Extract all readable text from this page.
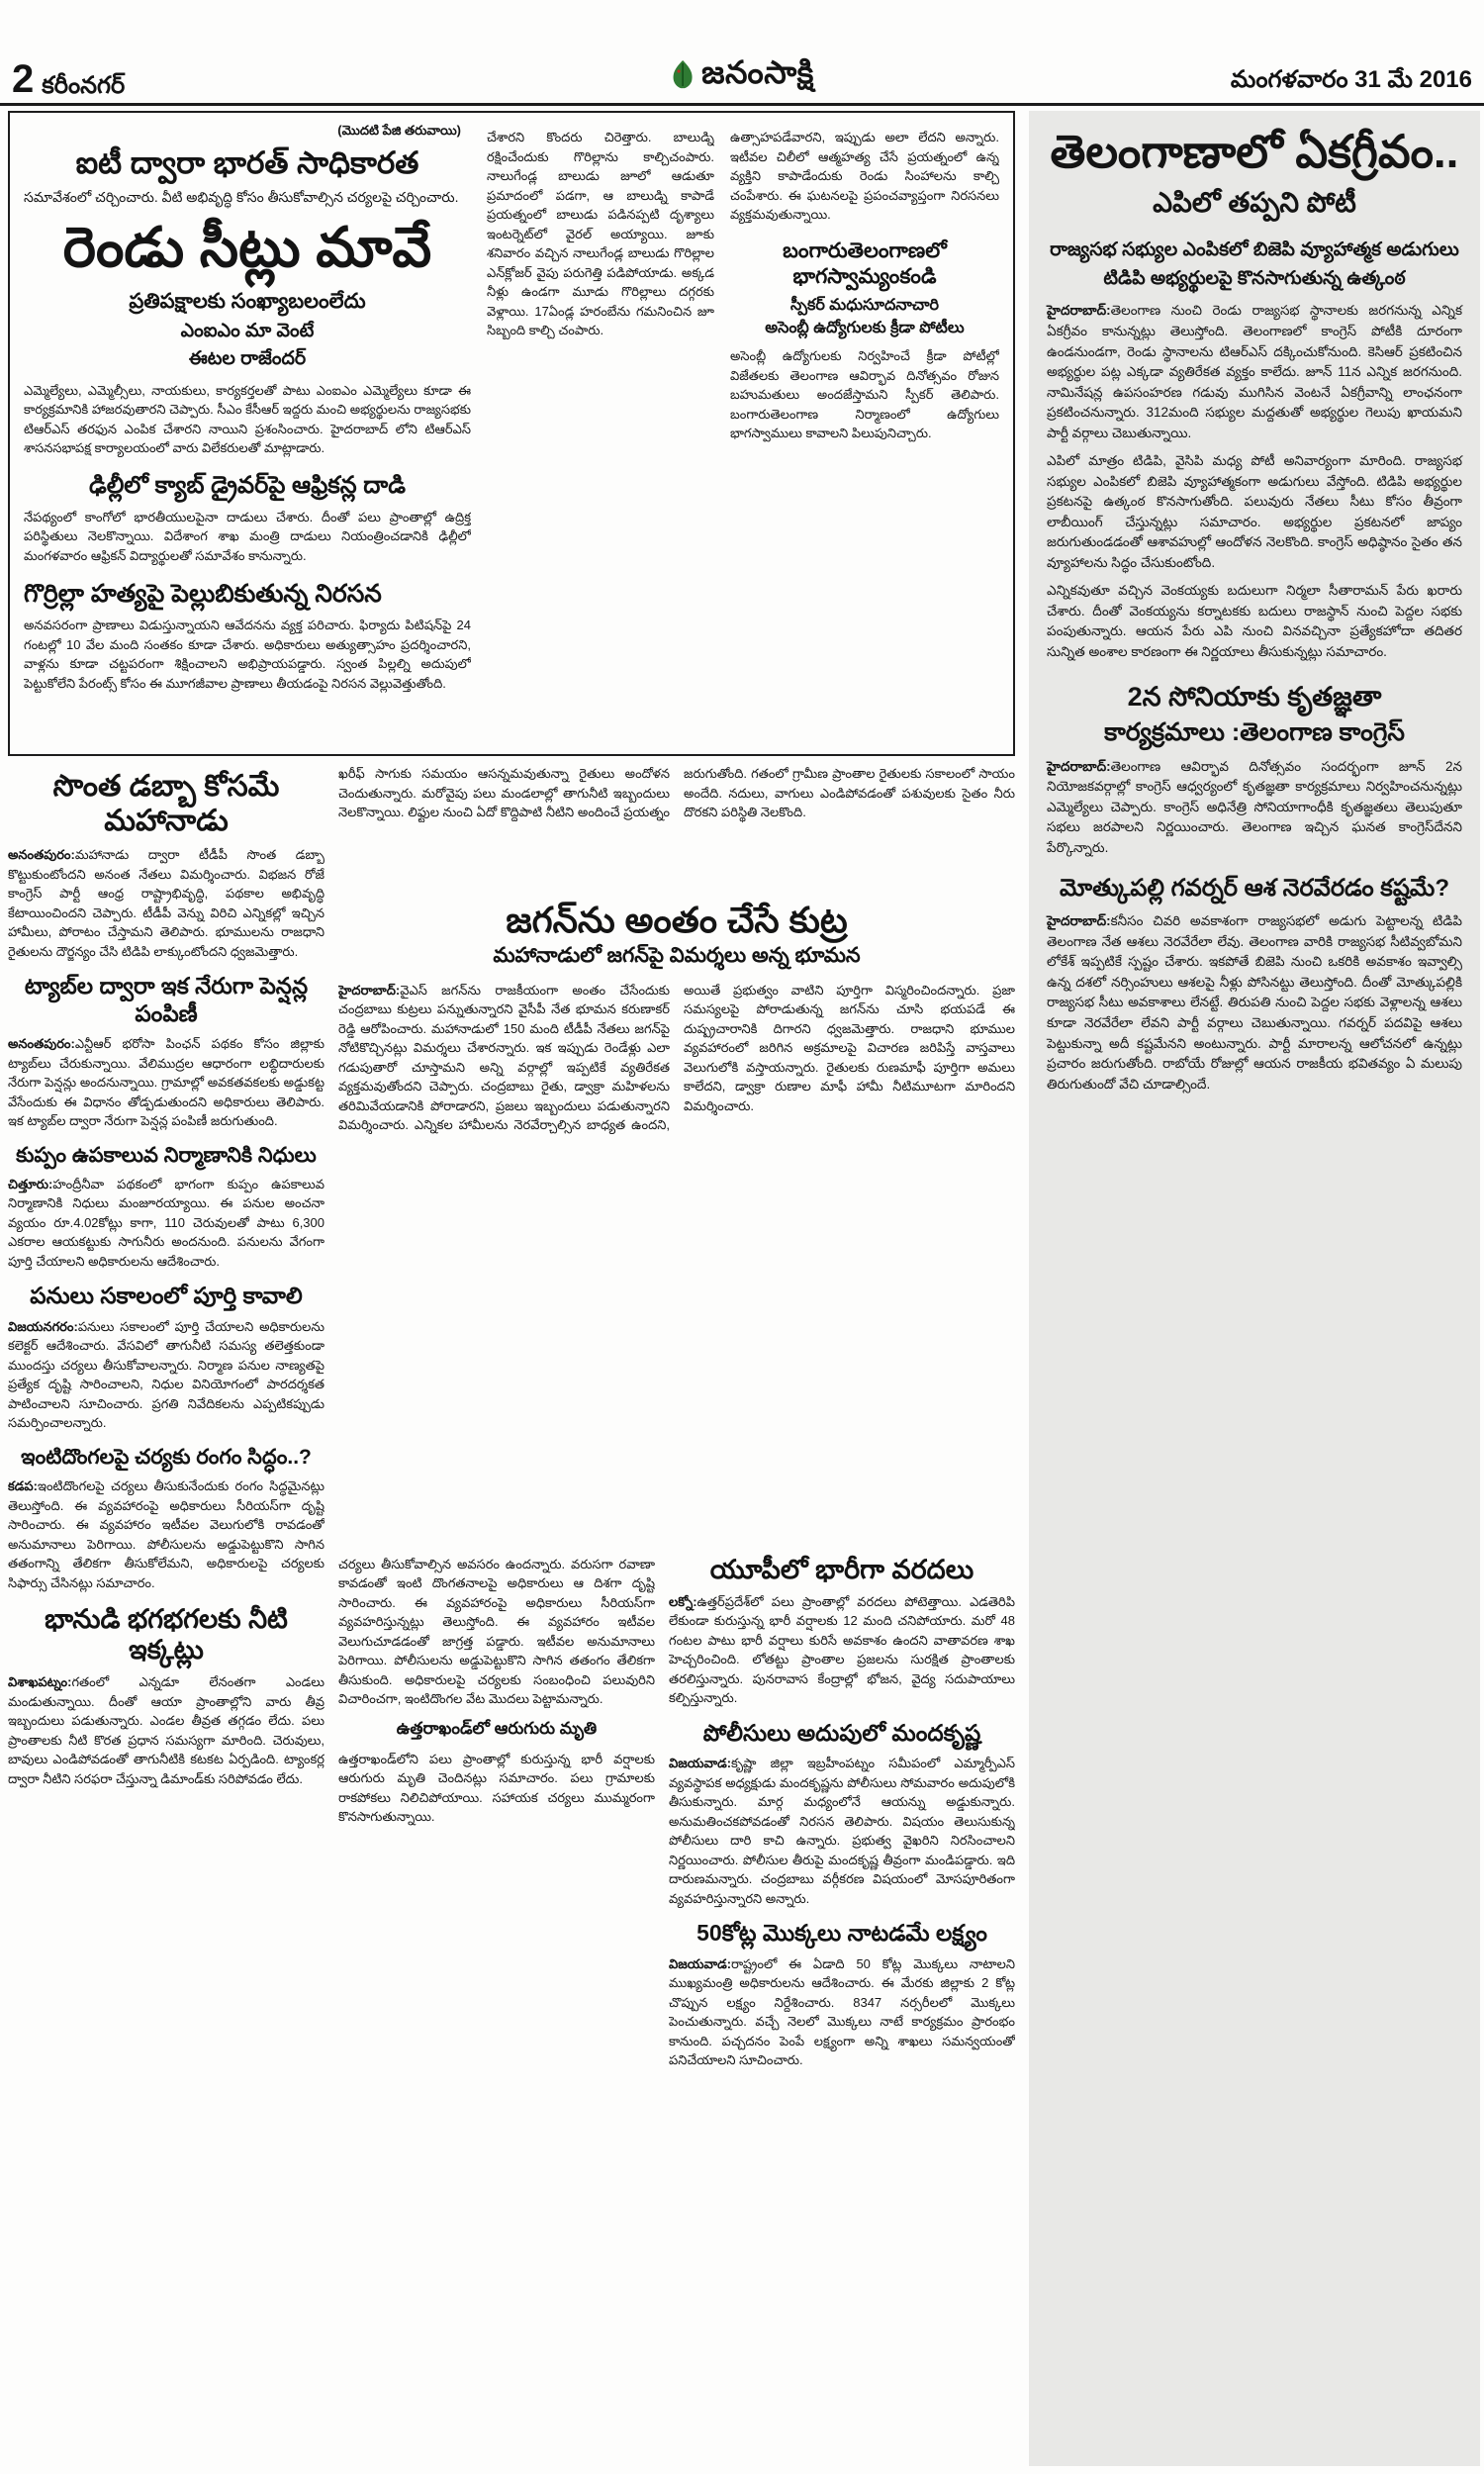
2 కరీంనగర్	జనంసాక్షి	మంగళవారం 31 మే 2016
(మొదటి పేజి తరువాయి)
ఐటీ ద్వారా భారత్ సాధికారత

సమావేశంలో చర్చించారు. వీటి అభివృద్ధి కోసం తీసుకోవాల్సిన చర్యలపై చర్చించారు.

రెండు సీట్లు మావే
ప్రతిపక్షాలకు సంఖ్యాబలంలేదు
ఎంఐఎం మా వెంటే
ఈటల రాజేందర్

ఎమ్మెల్యేలు, ఎమ్మెల్సీలు, నాయకులు, కార్యకర్తలతో పాటు ఎంఐఎం ఎమ్మెల్యేలు కూడా ఈ కార్యక్రమానికి హాజరవుతారని చెప్పారు. సీఎం కేసీఆర్ ఇద్దరు మంచి అభ్యర్థులను రాజ్యసభకు టిఆర్ఎస్ తరఫున ఎంపిక చేశారని నాయిని ప్రశంసించారు. హైదరాబాద్ లోని టిఆర్ఎస్ శాసనసభాపక్ష కార్యాలయంలో వారు విలేకరులతో మాట్లాడారు.

ఢిల్లీలో క్యాబ్ డ్రైవర్‌పై ఆఫ్రికన్ల దాడి

నేపథ్యంలో కాంగోలో భారతీయులపైనా దాడులు చేశారు. దీంతో పలు ప్రాంతాల్లో ఉద్రిక్త పరిస్థితులు నెలకొన్నాయి. విదేశాంగ శాఖ మంత్రి దాడులు నియంత్రించడానికి ఢిల్లీలో మంగళవారం ఆఫ్రికన్ విద్యార్థులతో సమావేశం కానున్నారు.

గొర్రిల్లా హత్యపై పెల్లుబికుతున్న నిరసన

అనవసరంగా ప్రాణాలు విడుస్తున్నాయని ఆవేదనను వ్యక్త పరిచారు. ఫిర్యాదు పిటిషన్‌పై 24 గంటల్లో 10 వేల మంది సంతకం కూడా చేశారు. అధికారులు అత్యుత్సాహం ప్రదర్శించారని, వాళ్లను కూడా చట్టపరంగా శిక్షించాలని అభిప్రాయపడ్డారు. స్వంత పిల్లల్ని అదుపులో పెట్టుకోలేని పేరంట్స్ కోసం ఈ మూగజీవాల ప్రాణాలు తీయడంపై నిరసన వెల్లువెత్తుతోంది.

చేశారని కొందరు చిరెత్తారు. బాలుడ్ని రక్షించేందుకు గొరిల్లాను కాల్చిచంపారు. నాలుగేండ్ల బాలుడు జూలో ఆడుతూ ప్రమాదంలో పడగా, ఆ బాలుడ్ని కాపాడే ప్రయత్నంలో బాలుడు పడినప్పటి దృశ్యాలు ఇంటర్నెట్‌లో వైరల్ అయ్యాయి. జూకు శనివారం వచ్చిన నాలుగేండ్ల బాలుడు గొరిల్లాల ఎన్‌క్లోజర్ వైపు పరుగెత్తి పడిపోయాడు. అక్కడ నీళ్లు ఉండగా మూడు గొరిల్లాలు దగ్గరకు వెళ్లాయి. 17ఏండ్ల హరంబేను గమనించిన జూ సిబ్బంది కాల్చి చంపారు.

ఉత్సాహపడేవారని, ఇప్పుడు అలా లేదని అన్నారు. ఇటీవల చిలీలో ఆత్మహత్య చేసే ప్రయత్నంలో ఉన్న వ్యక్తిని కాపాడేందుకు రెండు సింహాలను కాల్చి చంపేశారు. ఈ ఘటనలపై ప్రపంచవ్యాప్తంగా నిరసనలు వ్యక్తమవుతున్నాయి.

బంగారుతెలంగాణలో భాగస్వామ్యంకండి
స్పీకర్ మధుసూదనాచారి
అసెంబ్లీ ఉద్యోగులకు క్రీడా పోటీలు

అసెంబ్లీ ఉద్యోగులకు నిర్వహించే క్రీడా పోటీల్లో విజేతలకు తెలంగాణ ఆవిర్భావ దినోత్సవం రోజున బహుమతులు అందజేస్తామని స్పీకర్ తెలిపారు. బంగారుతెలంగాణ నిర్మాణంలో ఉద్యోగులు భాగస్వాములు కావాలని పిలుపునిచ్చారు.

సొంత డబ్బా కోసమే మహానాడు

అనంతపురం:మహానాడు ద్వారా టీడీపీ సొంత డబ్బా కొట్టుకుంటోందని అనంత నేతలు విమర్శించారు. విభజన రోజే కాంగ్రెస్ పార్టీ ఆంధ్ర రాష్ట్రాభివృద్ధి, పథకాల అభివృద్ధి కేటాయించిందని చెప్పారు. టీడీపీ వెన్ను విరిచి ఎన్నికల్లో ఇచ్చిన హామీలు, పోరాటం చేస్తామని తెలిపారు. భూములను రాజధాని రైతులను దౌర్జన్యం చేసి టిడిపి లాక్కుంటోందని ధ్వజమెత్తారు.

ట్యాబ్‌ల ద్వారా ఇక నేరుగా పెన్షన్ల పంపిణీ

అనంతపురం:ఎన్టీఆర్ భరోసా పింఛన్ పథకం కోసం జిల్లాకు ట్యాబ్‌లు చేరుకున్నాయి. వేలిముద్రల ఆధారంగా లబ్ధిదారులకు నేరుగా పెన్షన్లు అందనున్నాయి. గ్రామాల్లో అవకతవకలకు అడ్డుకట్ట వేసేందుకు ఈ విధానం తోడ్పడుతుందని అధికారులు తెలిపారు. ఇక ట్యాబ్‌ల ద్వారా నేరుగా పెన్షన్ల పంపిణీ జరుగుతుంది.

కుప్పం ఉపకాలువ నిర్మాణానికి నిధులు

చిత్తూరు:హంద్రీనీవా పథకంలో భాగంగా కుప్పం ఉపకాలువ నిర్మాణానికి నిధులు మంజూరయ్యాయి. ఈ పనుల అంచనా వ్యయం రూ.4.02కోట్లు కాగా, 110 చెరువులతో పాటు 6,300 ఎకరాల ఆయకట్టుకు సాగునీరు అందనుంది. పనులను వేగంగా పూర్తి చేయాలని అధికారులను ఆదేశించారు.

పనులు సకాలంలో పూర్తి కావాలి

విజయనగరం:పనులు సకాలంలో పూర్తి చేయాలని అధికారులను కలెక్టర్ ఆదేశించారు. వేసవిలో తాగునీటి సమస్య తలెత్తకుండా ముందస్తు చర్యలు తీసుకోవాలన్నారు. నిర్మాణ పనుల నాణ్యతపై ప్రత్యేక దృష్టి సారించాలని, నిధుల వినియోగంలో పారదర్శకత పాటించాలని సూచించారు. ప్రగతి నివేదికలను ఎప్పటికప్పుడు సమర్పించాలన్నారు.

ఇంటిదొంగలపై చర్యకు రంగం సిద్ధం..?

కడప:ఇంటిదొంగలపై చర్యలు తీసుకునేందుకు రంగం సిద్ధమైనట్లు తెలుస్తోంది. ఈ వ్యవహారంపై అధికారులు సీరియస్‌గా దృష్టి సారించారు. ఈ వ్యవహారం ఇటీవల వెలుగులోకి రావడంతో అనుమానాలు పెరిగాయి. పోలీసులను అడ్డుపెట్టుకొని సాగిన తతంగాన్ని తేలికగా తీసుకోలేమని, అధికారులపై చర్యలకు సిఫార్సు చేసినట్లు సమాచారం.

భానుడి భగభగలకు నీటి ఇక్కట్లు

విశాఖపట్నం:గతంలో ఎన్నడూ లేనంతగా ఎండలు మండుతున్నాయి. దీంతో ఆయా ప్రాంతాల్లోని వారు తీవ్ర ఇబ్బందులు పడుతున్నారు. ఎండల తీవ్రత తగ్గడం లేదు. పలు ప్రాంతాలకు నీటి కొరత ప్రధాన సమస్యగా మారింది. చెరువులు, బావులు ఎండిపోవడంతో తాగునీటికి కటకట ఏర్పడింది. ట్యాంకర్ల ద్వారా నీటిని సరఫరా చేస్తున్నా డిమాండ్‌కు సరిపోవడం లేదు.

ఖరీఫ్ సాగుకు సమయం ఆసన్నమవుతున్నా రైతులు అందోళన చెందుతున్నారు. మరోవైపు పలు మండలాల్లో తాగునీటి ఇబ్బందులు నెలకొన్నాయి. లిఫ్టుల నుంచి ఏదో కొద్దిపాటి నీటిని అందించే ప్రయత్నం జరుగుతోంది. గతంలో గ్రామీణ ప్రాంతాల రైతులకు సకాలంలో సాయం అందేది. నదులు, వాగులు ఎండిపోవడంతో పశువులకు సైతం నీరు దొరకని పరిస్థితి నెలకొంది.

జగన్‌ను అంతం చేసే కుట్ర
మహానాడులో జగన్‌పై విమర్శలు అన్న భూమన

హైదరాబాద్:వైఎస్ జగన్‌ను రాజకీయంగా అంతం చేసేందుకు చంద్రబాబు కుట్రలు పన్నుతున్నారని వైసీపీ నేత భూమన కరుణాకర్ రెడ్డి ఆరోపించారు. మహానాడులో 150 మంది టీడీపీ నేతలు జగన్‌పై నోటికొచ్చినట్లు విమర్శలు చేశారన్నారు. ఇక ఇప్పుడు రెండేళ్లు ఎలా గడుపుతారో చూస్తామని అన్ని వర్గాల్లో ఇప్పటికే వ్యతిరేకత వ్యక్తమవుతోందని చెప్పారు. చంద్రబాబు రైతు, డ్వాక్రా మహిళలను తరిమివేయడానికి పోరాడారని, ప్రజలు ఇబ్బందులు పడుతున్నారని విమర్శించారు. ఎన్నికల హామీలను నెరవేర్చాల్సిన బాధ్యత ఉందని, అయితే ప్రభుత్వం వాటిని పూర్తిగా విస్మరించిందన్నారు. ప్రజా సమస్యలపై పోరాడుతున్న జగన్‌ను చూసి భయపడే ఈ దుష్ప్రచారానికి దిగారని ధ్వజమెత్తారు. రాజధాని భూముల వ్యవహారంలో జరిగిన అక్రమాలపై విచారణ జరిపిస్తే వాస్తవాలు వెలుగులోకి వస్తాయన్నారు. రైతులకు రుణమాఫీ పూర్తిగా అమలు కాలేదని, డ్వాక్రా రుణాల మాఫీ హామీ నీటిమూటగా మారిందని విమర్శించారు.

చర్యలు తీసుకోవాల్సిన అవసరం ఉందన్నారు. వరుసగా రవాణా కావడంతో ఇంటి దొంగతనాలపై అధికారులు ఆ దిశగా దృష్టి సారించారు. ఈ వ్యవహారంపై అధికారులు సీరియస్‌గా వ్యవహరిస్తున్నట్లు తెలుస్తోంది. ఈ వ్యవహారం ఇటీవల వెలుగుచూడడంతో జాగ్రత్త పడ్డారు. ఇటీవల అనుమానాలు పెరిగాయి. పోలీసులను అడ్డుపెట్టుకొని సాగిన తతంగం తేలికగా తీసుకుంది. అధికారులపై చర్యలకు సంబంధించి పలువురిని విచారించగా, ఇంటిదొంగల వేట మొదలు పెట్టామన్నారు.

ఉత్తరాఖండ్‌లో ఆరుగురు మృతి

ఉత్తరాఖండ్‌లోని పలు ప్రాంతాల్లో కురుస్తున్న భారీ వర్షాలకు ఆరుగురు మృతి చెందినట్లు సమాచారం. పలు గ్రామాలకు రాకపోకలు నిలిచిపోయాయి. సహాయక చర్యలు ముమ్మరంగా కొనసాగుతున్నాయి.

యూపీలో భారీగా వరదలు

లక్నో:ఉత్తర్‌ప్రదేశ్‌లో పలు ప్రాంతాల్లో వరదలు పోటెత్తాయి. ఎడతెరిపి లేకుండా కురుస్తున్న భారీ వర్షాలకు 12 మంది చనిపోయారు. మరో 48 గంటల పాటు భారీ వర్షాలు కురిసే అవకాశం ఉందని వాతావరణ శాఖ హెచ్చరించింది. లోతట్టు ప్రాంతాల ప్రజలను సురక్షిత ప్రాంతాలకు తరలిస్తున్నారు. పునరావాస కేంద్రాల్లో భోజన, వైద్య సదుపాయాలు కల్పిస్తున్నారు.

పోలీసులు అదుపులో మందకృష్ణ

విజయవాడ:కృష్ణా జిల్లా ఇబ్రహీంపట్నం సమీపంలో ఎమ్మార్పీఎస్ వ్యవస్థాపక అధ్యక్షుడు మందకృష్ణను పోలీసులు సోమవారం అదుపులోకి తీసుకున్నారు. మార్గ మధ్యంలోనే ఆయన్ను అడ్డుకున్నారు. అనుమతించకపోవడంతో నిరసన తెలిపారు. విషయం తెలుసుకున్న పోలీసులు దారి కాచి ఉన్నారు. ప్రభుత్వ వైఖరిని నిరసించాలని నిర్ణయించారు. పోలీసుల తీరుపై మందకృష్ణ తీవ్రంగా మండిపడ్డారు. ఇది దారుణమన్నారు. చంద్రబాబు వర్గీకరణ విషయంలో మోసపూరితంగా వ్యవహరిస్తున్నారని అన్నారు.

50కోట్ల మొక్కలు నాటడమే లక్ష్యం

విజయవాడ:రాష్ట్రంలో ఈ ఏడాది 50 కోట్ల మొక్కలు నాటాలని ముఖ్యమంత్రి అధికారులను ఆదేశించారు. ఈ మేరకు జిల్లాకు 2 కోట్ల చొప్పున లక్ష్యం నిర్దేశించారు. 8347 నర్సరీలలో మొక్కలు పెంచుతున్నారు. వచ్చే నెలలో మొక్కలు నాటే కార్యక్రమం ప్రారంభం కానుంది. పచ్చదనం పెంపే లక్ష్యంగా అన్ని శాఖలు సమన్వయంతో పనిచేయాలని సూచించారు.

తెలంగాణాలో ఏకగ్రీవం..
ఎపిలో తప్పని పోటీ
రాజ్యసభ సభ్యుల ఎంపికలో బిజెపి వ్యూహాత్మక అడుగులు
టిడిపి అభ్యర్థులపై కొనసాగుతున్న ఉత్కంఠ

హైదరాబాద్:తెలంగాణ నుంచి రెండు రాజ్యసభ స్థానాలకు జరగనున్న ఎన్నిక ఏకగ్రీవం కానున్నట్లు తెలుస్తోంది. తెలంగాణలో కాంగ్రెస్ పోటీకి దూరంగా ఉండనుండగా, రెండు స్థానాలను టిఆర్ఎస్ దక్కించుకోనుంది. కెసిఆర్ ప్రకటించిన అభ్యర్థుల పట్ల ఎక్కడా వ్యతిరేకత వ్యక్తం కాలేదు. జూన్ 11న ఎన్నిక జరగనుంది. నామినేషన్ల ఉపసంహరణ గడువు ముగిసిన వెంటనే ఏకగ్రీవాన్ని లాంఛనంగా ప్రకటించనున్నారు. 312మంది సభ్యుల మద్దతుతో అభ్యర్థుల గెలుపు ఖాయమని పార్టీ వర్గాలు చెబుతున్నాయి.

ఎపిలో మాత్రం టిడిపి, వైసిపి మధ్య పోటీ అనివార్యంగా మారింది. రాజ్యసభ సభ్యుల ఎంపికలో బిజెపి వ్యూహాత్మకంగా అడుగులు వేస్తోంది. టిడిపి అభ్యర్థుల ప్రకటనపై ఉత్కంఠ కొనసాగుతోంది. పలువురు నేతలు సీటు కోసం తీవ్రంగా లాబీయింగ్ చేస్తున్నట్లు సమాచారం. అభ్యర్థుల ప్రకటనలో జాప్యం జరుగుతుండడంతో ఆశావహుల్లో ఆందోళన నెలకొంది. కాంగ్రెస్ అధిష్ఠానం సైతం తన వ్యూహాలను సిద్ధం చేసుకుంటోంది.

ఎన్నికవుతూ వచ్చిన వెంకయ్యకు బదులుగా నిర్మలా సీతారామన్ పేరు ఖరారు చేశారు. దీంతో వెంకయ్యను కర్నాటకకు బదులు రాజస్థాన్ నుంచి పెద్దల సభకు పంపుతున్నారు. ఆయన పేరు ఎపి నుంచి వినవచ్చినా ప్రత్యేకహోదా తదితర సున్నిత అంశాల కారణంగా ఈ నిర్ణయాలు తీసుకున్నట్లు సమాచారం.

2న సోనియాకు కృతజ్ఞతా
కార్యక్రమాలు :తెలంగాణ కాంగ్రెస్

హైదరాబాద్:తెలంగాణ ఆవిర్భావ దినోత్సవం సందర్భంగా జూన్ 2న నియోజకవర్గాల్లో కాంగ్రెస్ ఆధ్వర్యంలో కృతజ్ఞతా కార్యక్రమాలు నిర్వహించనున్నట్లు ఎమ్మెల్యేలు చెప్పారు. కాంగ్రెస్ అధినేత్రి సోనియాగాంధీకి కృతజ్ఞతలు తెలుపుతూ సభలు జరపాలని నిర్ణయించారు. తెలంగాణ ఇచ్చిన ఘనత కాంగ్రెస్‌దేనని పేర్కొన్నారు.

మోత్కుపల్లి గవర్నర్ ఆశ నెరవేరడం కష్టమే?

హైదరాబాద్:కనీసం చివరి అవకాశంగా రాజ్యసభలో అడుగు పెట్టాలన్న టిడిపి తెలంగాణ నేత ఆశలు నెరవేరేలా లేవు. తెలంగాణ వారికి రాజ్యసభ సీటివ్వబోమని లోకేశ్ ఇప్పటికే స్పష్టం చేశారు. ఇకపోతే బిజెపి నుంచి ఒకరికి అవకాశం ఇవ్వాల్సి ఉన్న దశలో నర్సింహులు ఆశలపై నీళ్లు పోసినట్టు తెలుస్తోంది. దీంతో మోత్కుపల్లికి రాజ్యసభ సీటు అవకాశాలు లేనట్టే. తిరుపతి నుంచి పెద్దల సభకు వెళ్లాలన్న ఆశలు కూడా నెరవేరేలా లేవని పార్టీ వర్గాలు చెబుతున్నాయి. గవర్నర్ పదవిపై ఆశలు పెట్టుకున్నా అదీ కష్టమేనని అంటున్నారు. పార్టీ మారాలన్న ఆలోచనలో ఉన్నట్లు ప్రచారం జరుగుతోంది. రాబోయే రోజుల్లో ఆయన రాజకీయ భవితవ్యం ఏ మలుపు తిరుగుతుందో వేచి చూడాల్సిందే.
